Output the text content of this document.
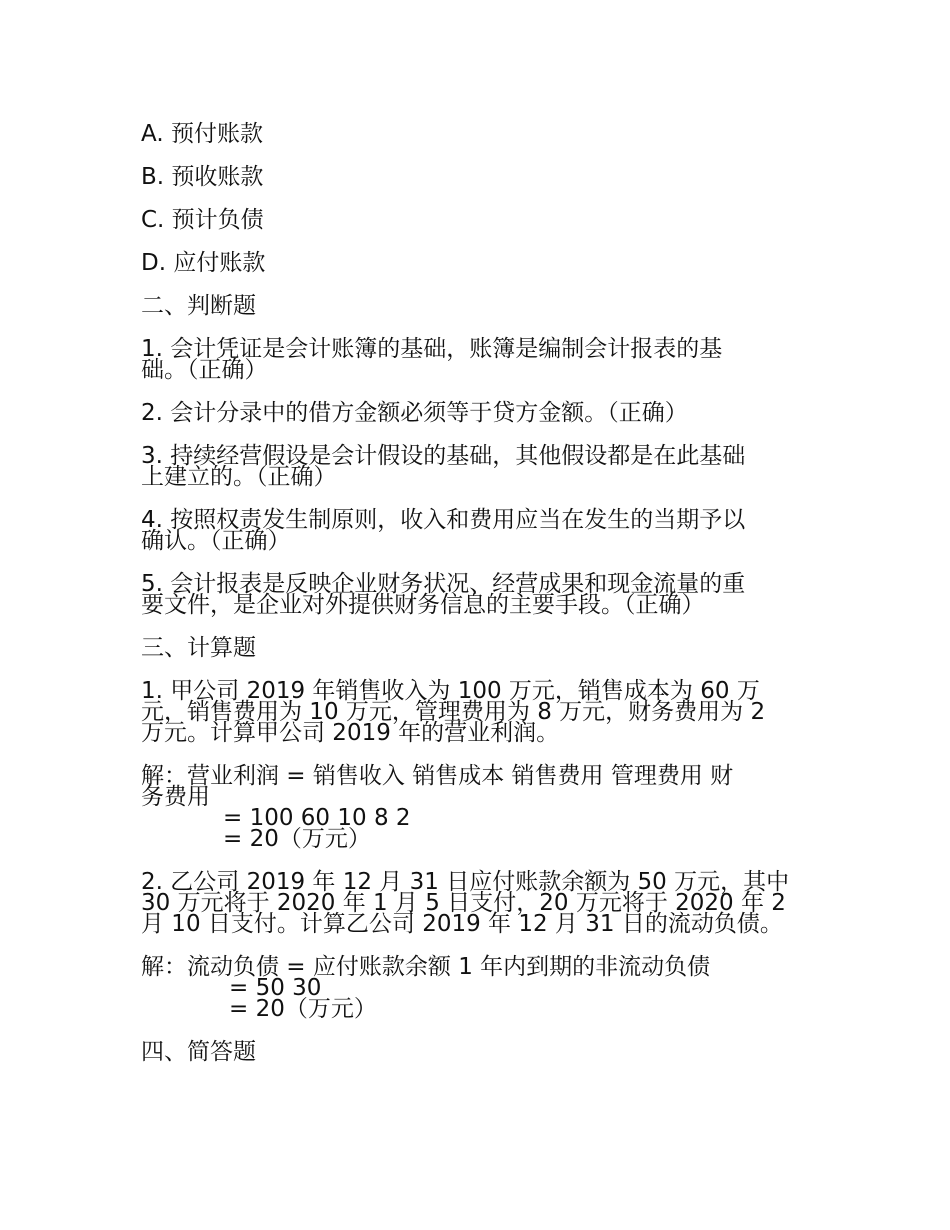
A. 预付账款
B. 预收账款
C. 预计负债
D. 应付账款
二、判断题
1. 会计凭证是会计账簿的基础，账簿是编制会计报表的基
础。（正确）
2. 会计分录中的借方金额必须等于贷方金额。（正确）
3. 持续经营假设是会计假设的基础，其他假设都是在此基础
上建立的。（正确）
4. 按照权责发生制原则，收入和费用应当在发生的当期予以
确认。（正确）
5. 会计报表是反映企业财务状况、经营成果和现金流量的重
要文件，是企业对外提供财务信息的主要手段。（正确）
三、计算题
1. 甲公司 2019 年销售收入为 100 万元，销售成本为 60 万
元，销售费用为 10 万元，管理费用为 8 万元，财务费用为 2
万元。计算甲公司 2019 年的营业利润。
解：营业利润 = 销售收入 销售成本 销售费用 管理费用 财
务费用
= 100 60 10 8 2
= 20（万元）
2. 乙公司 2019 年 12 月 31 日应付账款余额为 50 万元，其中
30 万元将于 2020 年 1 月 5 日支付，20 万元将于 2020 年 2
月 10 日支付。计算乙公司 2019 年 12 月 31 日的流动负债。
解：流动负债 = 应付账款余额 1 年内到期的非流动负债
= 50 30
= 20（万元）
四、简答题
